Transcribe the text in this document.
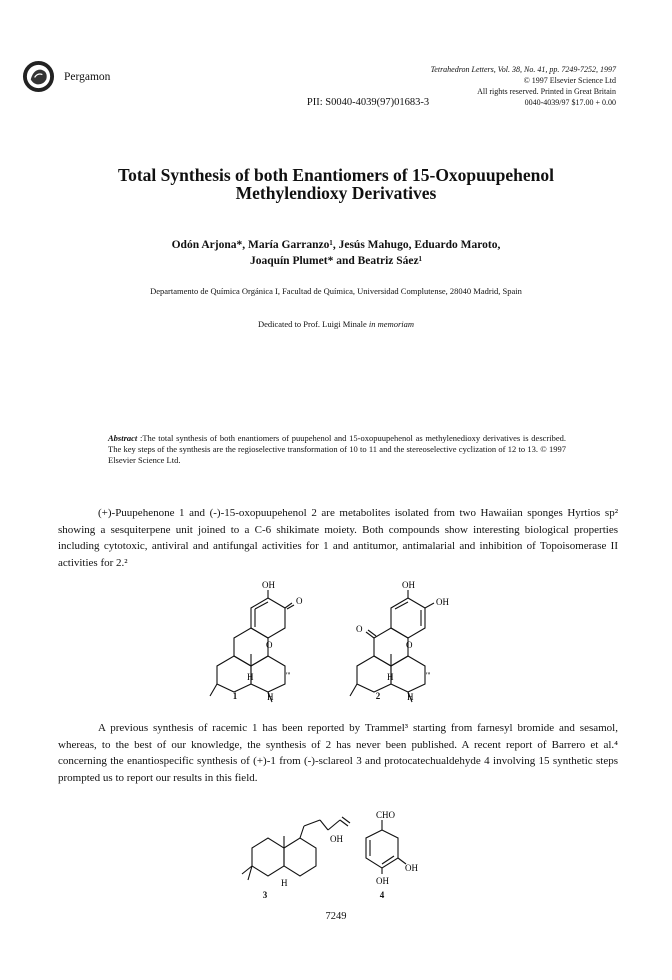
Pergamon
Tetrahedron Letters, Vol. 38, No. 41, pp. 7249-7252, 1997
© 1997 Elsevier Science Ltd
All rights reserved. Printed in Great Britain
0040-4039/97 $17.00 + 0.00
PII: S0040-4039(97)01683-3
Total Synthesis of both Enantiomers of 15-Oxopuupehenol
Methylendioxy Derivatives
Odón Arjona*, María Garranzo¹, Jesús Mahugo, Eduardo Maroto,
Joaquín Plumet* and Beatriz Sáez¹
Departamento de Química Orgánica I, Facultad de Química, Universidad Complutense, 28040 Madrid, Spain
Dedicated to Prof. Luigi Minale in memoriam
Abstract :The total synthesis of both enantiomers of puupehenol and 15-oxopuupehenol as methylenedioxy derivatives is described. The key steps of the synthesis are the regioselective transformation of 10 to 11 and the stereoselective cyclization of 12 to 13. © 1997 Elsevier Science Ltd.
(+)-Puupehenone 1 and (-)-15-oxopuupehenol 2 are metabolites isolated from two Hawaiian sponges Hyrtios sp² showing a sesquiterpene unit joined to a C-6 shikimate moiety. Both compounds show interesting biological properties including cytotoxic, antiviral and antifungal activities for 1 and antitumor, antimalarial and inhibition of Topoisomerase II activities for 2.²
OH
O
O
H
H
'''
1
OH
OH
O
O
H
H
'''
2
A previous synthesis of racemic 1 has been reported by Trammel³ starting from farnesyl bromide and sesamol, whereas, to the best of our knowledge, the synthesis of 2 has never been published. A recent report of Barrero et al.⁴ concerning the enantiospecific synthesis of (+)-1 from (-)-sclareol 3 and protocatechualdehyde 4 involving 15 synthetic steps prompted us to report our results in this field.
OH
H
3
CHO
OH
OH
4
7249
